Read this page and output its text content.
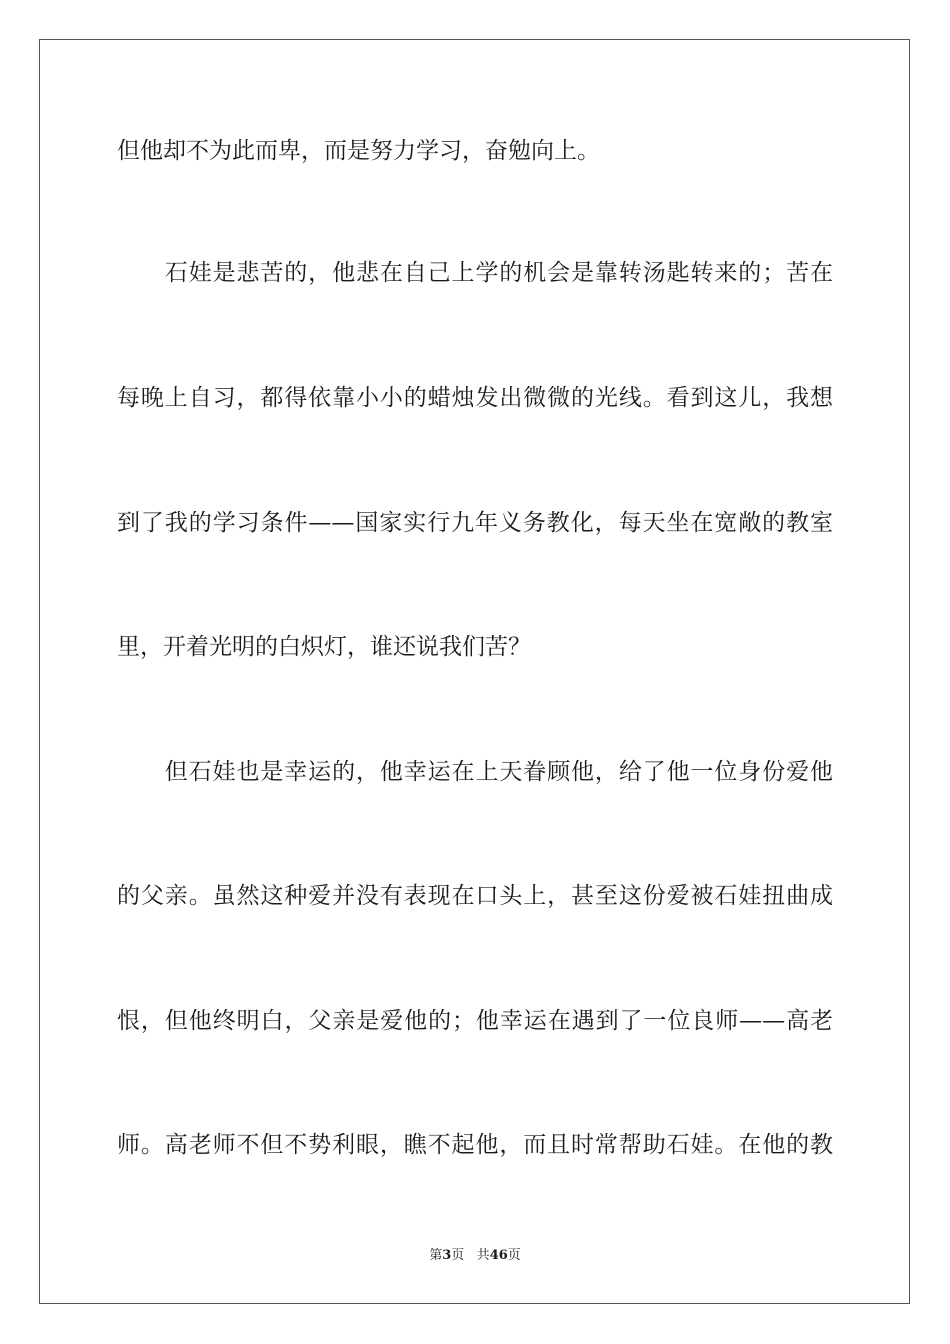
但他却不为此而卑，而是努力学习，奋勉向上。
　　石娃是悲苦的，他悲在自己上学的机会是靠转汤匙转来的；苦在
每晚上自习，都得依靠小小的蜡烛发出微微的光线。看到这儿，我想
到了我的学习条件——国家实行九年义务教化，每天坐在宽敞的教室
里，开着光明的白炽灯，谁还说我们苦？
　　但石娃也是幸运的，他幸运在上天眷顾他，给了他一位身份爱他
的父亲。虽然这种爱并没有表现在口头上，甚至这份爱被石娃扭曲成
恨，但他终明白，父亲是爱他的；他幸运在遇到了一位良师——高老
师。高老师不但不势利眼，瞧不起他，而且时常帮助石娃。在他的教
第3页 共46页
